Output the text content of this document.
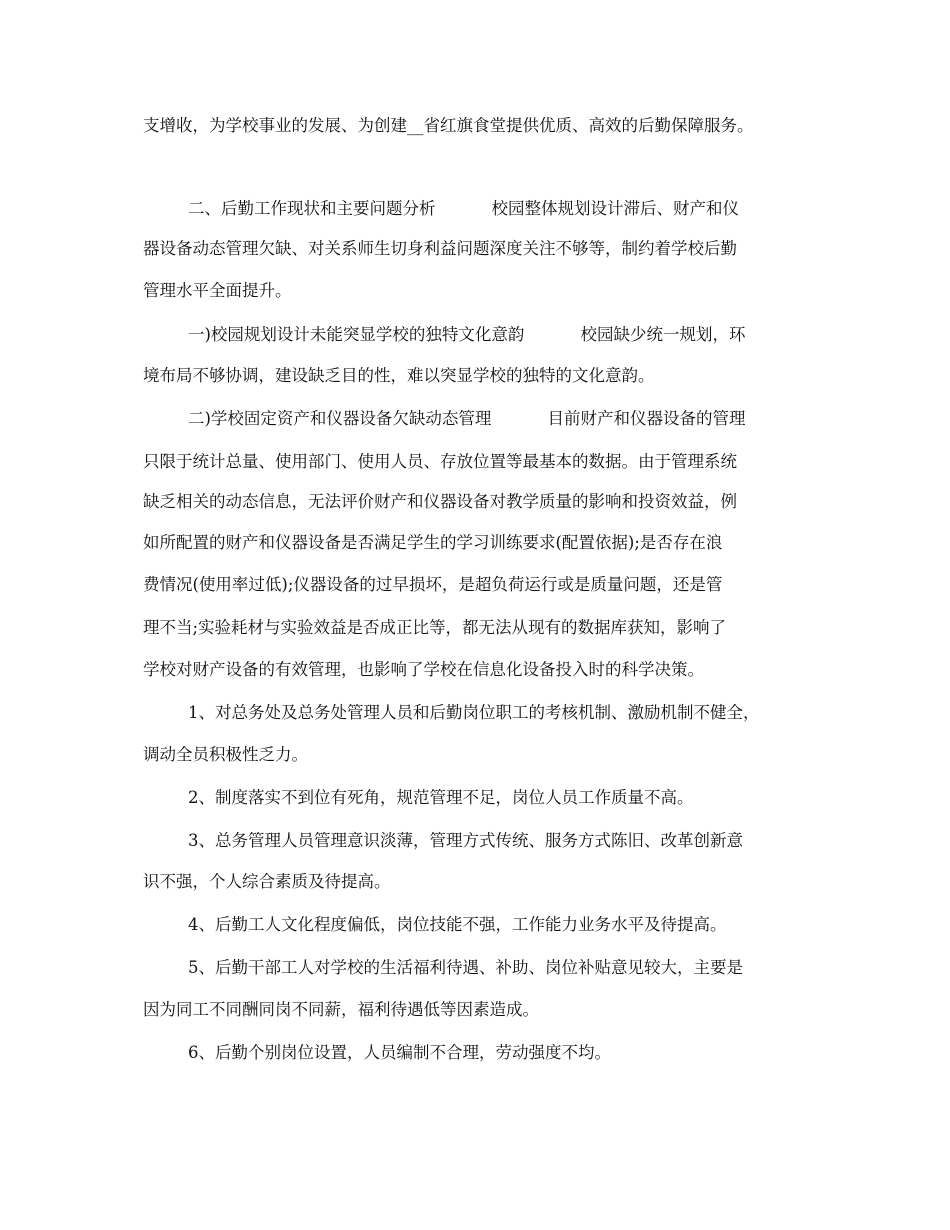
支增收，为学校事业的发展、为创建__省红旗食堂提供优质、高效的后勤保障服务。
二、后勤工作现状和主要问题分析	校园整体规划设计滞后、财产和仪
器设备动态管理欠缺、对关系师生切身利益问题深度关注不够等，制约着学校后勤
管理水平全面提升。
一)校园规划设计未能突显学校的独特文化意韵	校园缺少统一规划，环
境布局不够协调，建设缺乏目的性，难以突显学校的独特的文化意韵。
二)学校固定资产和仪器设备欠缺动态管理	目前财产和仪器设备的管理
只限于统计总量、使用部门、使用人员、存放位置等最基本的数据。由于管理系统
缺乏相关的动态信息，无法评价财产和仪器设备对教学质量的影响和投资效益，例
如所配置的财产和仪器设备是否满足学生的学习训练要求(配置依据);是否存在浪
费情况(使用率过低);仪器设备的过早损坏，是超负荷运行或是质量问题，还是管
理不当;实验耗材与实验效益是否成正比等，都无法从现有的数据库获知，影响了
学校对财产设备的有效管理，也影响了学校在信息化设备投入时的科学决策。
1、对总务处及总务处管理人员和后勤岗位职工的考核机制、激励机制不健全，
调动全员积极性乏力。
2、制度落实不到位有死角，规范管理不足，岗位人员工作质量不高。
3、总务管理人员管理意识淡薄，管理方式传统、服务方式陈旧、改革创新意
识不强，个人综合素质及待提高。
4、后勤工人文化程度偏低，岗位技能不强，工作能力业务水平及待提高。
5、后勤干部工人对学校的生活福利待遇、补助、岗位补贴意见较大，主要是
因为同工不同酬同岗不同薪，福利待遇低等因素造成。
6、后勤个别岗位设置，人员编制不合理，劳动强度不均。
